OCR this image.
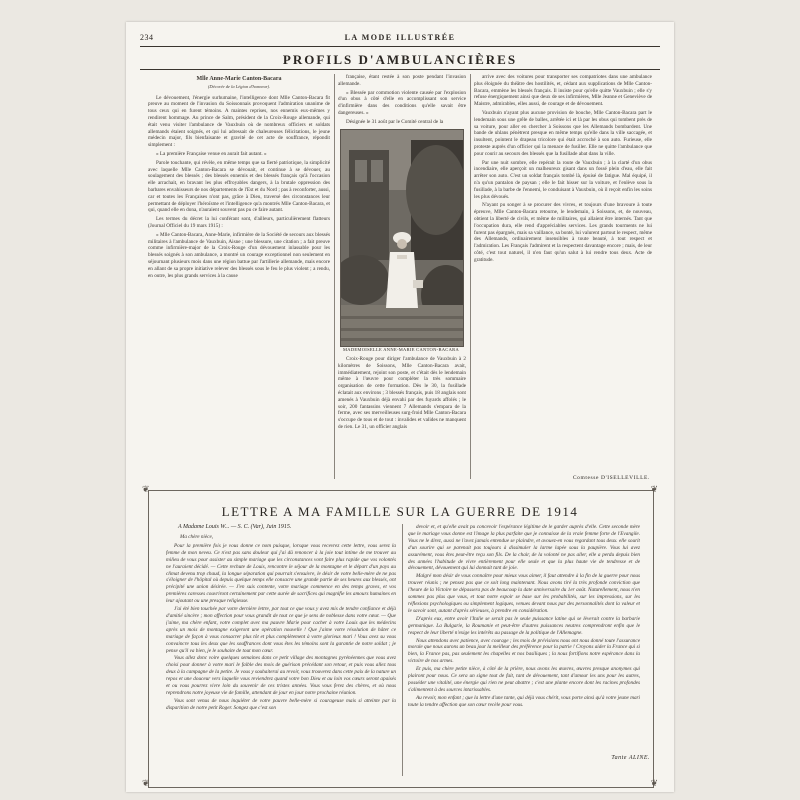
234	LA MODE ILLUSTRÉE
PROFILS D'AMBULANCIÈRES
Mlle Anne-Marie Canton-Bacara
(Décorée de la Légion d'honneur).

Le dévouement, l'énergie surhumaine, l'intelligence dont Mlle Canton-Bacara fit preuve au moment de l'invasion du Soissonnais provoquent l'admiration unanime de tous ceux qui en furent témoins. A maintes reprises, nos ennemis eux-mêmes y rendirent hommage. Au prince de Salm, président de la Croix-Rouge allemande, qui était venu visiter l'ambulance de Vauxbuin où de nombreux officiers et soldats allemands étaient soignés, et qui lui adressait de chaleureuses félicitations, le jeune médecin major, fils bienfaisante et gravité de cet acte de souffrance, répondit simplement :

« La première Française venue en aurait fait autant. »

Parole touchante, qui révèle, en même temps que sa fierté patriotique, la simplicité avec laquelle Mlle Canton-Bacara se dévouait, et continue à se dévouer, au soulagement des blessés ; des blessés ennemis et des blessés français qu'à l'occasion elle arrachait, en bravant les plus effroyables dangers, à la brutale oppression des barbares envahisseurs de nos départements de l'Est et du Nord ; pas à reconforter, aussi, car et toutes les Françaises n'ont pas, grâce à Dieu, traversé des circonstances leur permettant de déployer l'héroïsme et l'intelligence qu'a montrés Mlle Canton-Bacara, et qui, quand elle en dona, n'auraient souvent pas pu ce faire autant.

Les termes du décret la lui conférant sont, d'ailleurs, particulièrement flatteurs (Journal Officiel du 19 mars 1915) :

« Mlle Canton-Bacara, Anne-Marie, infirmière de la Société de secours aux blessés militaires à l'ambulance de Vauxbuin, Aisne ; une blessure, une citation ; a fait preuve comme infirmière-major de la Croix-Rouge d'un dévouement inlassable pour les blessés soignés à son ambulance, a montré un courage exceptionnel non seulement en séjournant plusieurs mois dans une région battue par l'artillerie allemande, mais encore en allant de sa propre initiative relever des blessés sous le feu le plus violent ; a rendu, en outre, les plus grands services à la cause

française, étant restée à son poste pendant l'invasion allemande.

« Blessée par commotion violente causée par l'explosion d'un obus à côté d'elle en accomplissant son service d'infirmière dans des conditions qu'elle savait être dangereuses. »

Désignée le 31 août par le Comité central de la

MADEMOISELLE ANNE-MARIE CANTON-BACARA

Croix-Rouge pour diriger l'ambulance de Vauxbuin à 2 kilomètres de Soissons, Mlle Canton-Bacara avait, immédiatement, rejoint son poste, et c'était dès le lendemain même à l'œuvre pour compléter la très sommaire organisation de cette formation. Dès le 30, la fusillade éclatait aux environs ; 3 blessés français, puis 18 anglais sont amenés à Vauxbuin déjà envahi par des fuyards affolés ; le soir, 200 fantassins viennent 7 Allemands s'empara de la ferme, avec ses merveilleuses surg-froid Mlle Canton-Bacara s'occupe de tous et de tout : invalides et valides ne manquent de rien. Le 31, un officier anglais

arrive avec des voitures pour transporter ses compatriotes dans une ambulance plus éloignée du théâtre des hostilités, et, cédant aux supplications de Mlle Canton-Bacara, emmène les blessés français. Il insiste pour qu'elle quitte Vauxbuin ; elle s'y refuse énergiquement ainsi que deux de ses infirmières, Mlle Jeanne et Geneviève de Maistre, admirables, elles aussi, de courage et de dévouement.

Vauxbuin n'ayant plus aucune provision de bouche, Mlle Canton-Bacara part le lendemain sous une grêle de balles, arrêtée ici et là par les obus qui tombent près de sa voiture, pour aller en chercher à Soissons que les Allemands bombardent. Une bande de uhlans pénètrent presque en même temps qu'elle dans la ville saccagée, et insultent, pointent le drapeau tricolore qui était accroché à son auto. Furieuse, elle proteste auprès d'un officier qui la menace de fusiller. Elle ne quitte l'ambulance que pour courir au secours des blessés que la fusillade abat dans la ville.

Par une nuit sombre, elle repérait la route de Vauxbuin ; à la clarté d'un obus incendiaire, elle aperçoit un malheureux gisant dans un fossé plein d'eau, elle fait arrêter son auto. C'est un soldat français tombé là, épuisé de fatigue. Mal équipé, il n'a qu'un pantalon de paysan ; elle le fait hisser sur la voiture, et l'enlève sous la fusillade, à la barbe de l'ennemi, le conduisant à Vauxbuin, où il reçoit enfin les soins les plus dévoués.

N'ayant pu songer à se procurer des vivres, et toujours d'une bravoure à toute épreuve, Mlle Canton-Bacara retourne, le lendemain, à Soissons, et, de nouveau, obtient la liberté de civils, et même de militaires, qui allaient être internés. Tant que l'occupation dura, elle rend d'appréciables services. Les grands tourments ne lui furent pas épargnés, mais sa vaillance, sa bonté, lui valurent partout le respect, même des Allemands, ordinairement insensibles à toute beauté, à tout respect et l'admiration. Les Français l'admirent et la respectent davantage encore ; mais, de leur côté, c'est tout naturel, il n'en faut qu'un salut à lui rendre tous deux. Acte de gratitude.

Comtesse D'ISELLEVILLE.
❦	❦
❦	❦
LETTRE A MA FAMILLE SUR LA GUERRE DE 1914
A Madame Louis W... — S. C. (Var), Juin 1915.
Ma chère nièce,

Pour la première fois je vous donne ce nom puisque, lorsque vous recevrez cette lettre, vous serez la femme de mon neveu. Ce n'est pas sans douleur qui j'ai dû renoncer à la joie tout intime de me trouver au milieu de vous pour assister au simple mariage que les circonstances vont faire plus rapide que vos volontés ne l'auraient décidé. — Cette rechute de Louis, rencontre le séjour de la montagne et le départ d'un pays au climat devenu trop chaud, la longue séparation qui pourrait s'ensuivre, le désir de votre belle-mère de ne pas s'éloigner de l'hôpital où depuis quelque temps elle consacre une grande partie de ses heures aux blessés, ont précipité une union désirée. — J'en suis contente, votre mariage commence en des temps graves, et vos premières caresses couvriront certainement par cette aurée de sacrifices qui magnifie les amours humaines en leur ajoutant ou une presque religieuse.

J'ai été bien touchée par votre dernière lettre, par tout ce que vous y avez mis de tendre confiance et déjà d'amitié sincère ; mon affection pour vous grandit de tout ce que je sens de noblesse dans votre cœur. — Que j'aime, ma chère enfant, votre complet avec ma pauvre Marie pour cacher à votre Louis que les médecins après un mois de montagne exigeront une opération nouvelle ! Que j'aime votre résolution de hâter ce mariage de façon à vous consacrer plus tôt et plus complètement à votre glorieux mari ! Vous avez su vous convaincre tous les deux que les souffrances dont vous êtes les témoins sont la garantie de notre soldat ; je pense qu'il va bien, je le souhaite de tout mon cœur.

Vous allez donc voire quelques semaines dans ce petit village des montagnes pyrénéennes que vous avez choisi pour donner à votre mari le faible des mois de guérison précédant son retour, et puis vous allez tous deux à la campagne de la petite. Je vous y souhaiterai au revoir, vous trouverez dans cette paix de la nature un repos et une douceur vers laquelle vous reviendrez quand votre bon Dieu et au loin vos cœurs seront apaisés et ou vous pourrez vivre loin du souvenir de ces tristes années. Vous vous ferez des chères, et où nous reprendrons notre joyeuse vie de famille, attendant de jour en jour notre prochaine réunion.

Vous sont venus de nous inquiéter de votre pauvre belle-mère si courageuse mais si atteinte par la disparition de notre petit Roger. Songez que c'est son

devoir et, et qu'elle avait pu concevoir l'espérance légitime de le garder auprès d'elle. Cette seconde mère que le mariage vous donne est l'image la plus parfaite que je connaisse de la vraie femme forte de l'Evangile. Vous ne le direz, aussi ne l'avez jamais entendue se plaindre, et avouez-en vous regardant tous deux. elle sourit d'un sourire qui se parenait pas toujours à dissimuler la larme lapée sous la paupière. Vous lui avez assurément, vous êtes peut-être reçu son fils. De la chair, de la volonté ne pas aller, elle a perdu depuis bien des années l'habitude de vivre entièrement pour elle seule et que la plus haute vie de tendresse et de dévouement, dévouement qui lui donnait tant de joie.

Malgré mon désir de vous connaître pour mieux vous aimer, il faut attendre à la fin de la guerre pour nous trouver réunis ; ne pensez pas que ce soit long maintenant. Nous avons tiré la très profonde conviction que l'heure de la Victoire ne dépassera pas de beaucoup la date anniversaire du 1er août. Naturellement, nous n'en sommes pas plus que vous, et tout notre espoir se base sur les probabilités, sur les impressions, sur les réflexions psychologiques ou simplement logiques, venues devant nous par des personnalités dont la valeur et le savoir sont, autant d'après sérieuses, à prendre en considération.

D'après eux, entre avoir l'Italie se serait pas le seule puissance latine qui se lèverait contre la barbarie germanique. La Bulgarie, la Roumanie et peut-être d'autres puissances neutres comprendront enfin que le respect de leur liberté n'exige les intérêts au passage de la politique de l'Allemagne.

Nous attendons avec patience, avec courage ; les mois de prévisions nous ont nous donné toute l'assurance morale que nous aurons un beau jour la meilleur des préférence pour la patrie ! Croyons aider la France qui si bien, la France pas, pas seulement les chapelles et nos basiliques ; la nous fortifions notre espérance dans la victoire de nos armes.

Et puis, ma chère petite nièce, à côté de la prière, nous avons les œuvres, œuvres presque anonymes qui plairont pour nous. Ce sera un signe tout de fait, tant de dévouement, tant d'amour les uns pour les autres, posséder une vitalité, une énergie qui rien ne peut abattre ; c'est une plante encore dont les racines profondes s'alimentent à des sources intarissables.

Au revoir, mon enfant ; que la lettre d'une tante, qui déjà vous chérit, vous porte ainsi qu'à votre jeune mari toute la tendre affection que son cœur recèle pour vous.

Tante ALINE.
